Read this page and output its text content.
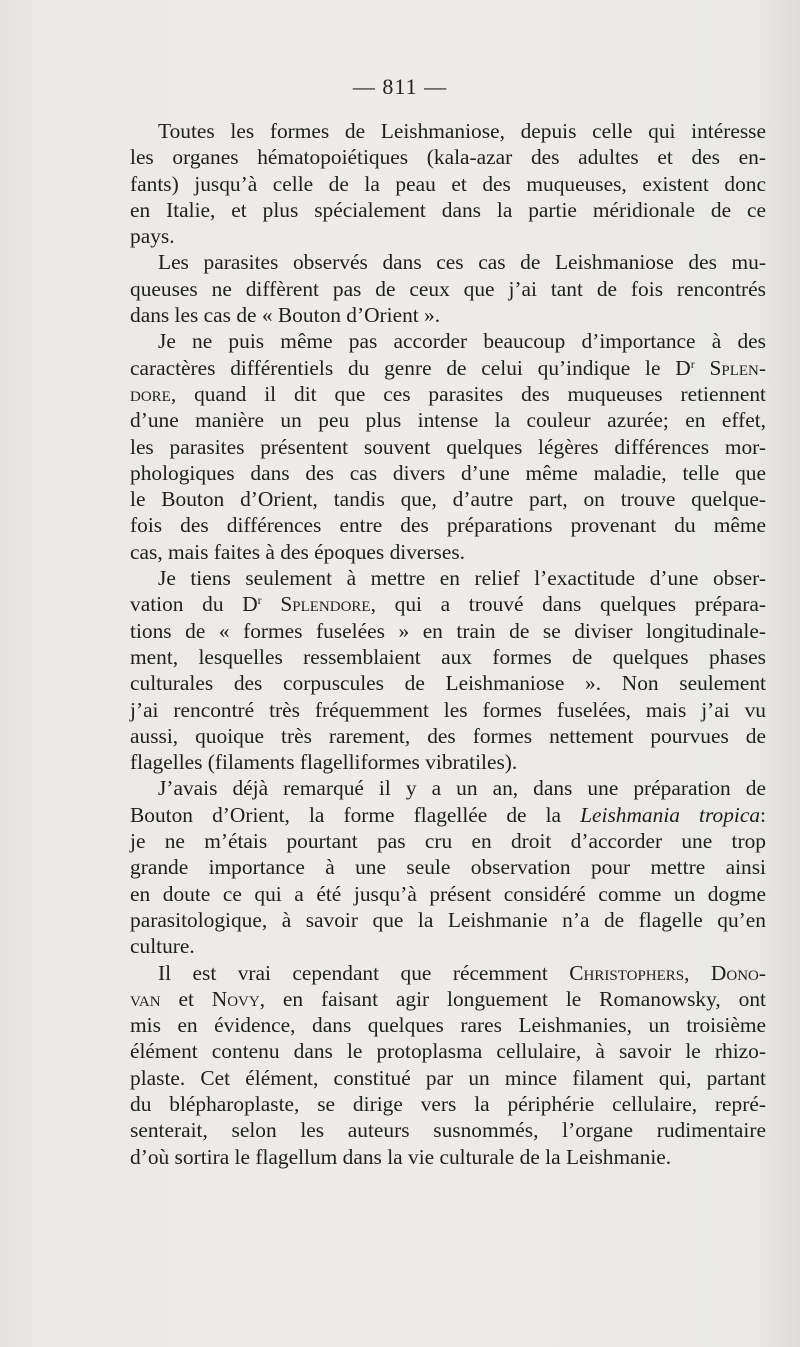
— 811 —
Toutes les formes de Leishmaniose, depuis celle qui intéresse
les organes hématopoiétiques (kala-azar des adultes et des en-
fants) jusqu’à celle de la peau et des muqueuses, existent donc
en Italie, et plus spécialement dans la partie méridionale de ce
pays.
Les parasites observés dans ces cas de Leishmaniose des mu-
queuses ne diffèrent pas de ceux que j’ai tant de fois rencontrés
dans les cas de « Bouton d’Orient ».
Je ne puis même pas accorder beaucoup d’importance à des
caractères différentiels du genre de celui qu’indique le $D^r$ Splen-
dore, quand il dit que ces parasites des muqueuses retiennent
d’une manière un peu plus intense la couleur azurée; en effet,
les parasites présentent souvent quelques légères différences mor-
phologiques dans des cas divers d’une même maladie, telle que
le Bouton d’Orient, tandis que, d’autre part, on trouve quelque-
fois des différences entre des préparations provenant du même
cas, mais faites à des époques diverses.
Je tiens seulement à mettre en relief l’exactitude d’une obser-
vation du $D^r$ Splendore, qui a trouvé dans quelques prépara-
tions de « formes fuselées » en train de se diviser longitudinale-
ment, lesquelles ressemblaient aux formes de quelques phases
culturales des corpuscules de Leishmaniose ». Non seulement
j’ai rencontré très fréquemment les formes fuselées, mais j’ai vu
aussi, quoique très rarement, des formes nettement pourvues de
flagelles (filaments flagelliformes vibratiles).
J’avais déjà remarqué il y a un an, dans une préparation de
Bouton d’Orient, la forme flagellée de la Leishmania tropica:
je ne m’étais pourtant pas cru en droit d’accorder une trop
grande importance à une seule observation pour mettre ainsi
en doute ce qui a été jusqu’à présent considéré comme un dogme
parasitologique, à savoir que la Leishmanie n’a de flagelle qu’en
culture.
Il est vrai cependant que récemment Christophers, Dono-
van et Novy, en faisant agir longuement le Romanowsky, ont
mis en évidence, dans quelques rares Leishmanies, un troisième
élément contenu dans le protoplasma cellulaire, à savoir le rhizo-
plaste. Cet élément, constitué par un mince filament qui, partant
du blépharoplaste, se dirige vers la périphérie cellulaire, repré-
senterait, selon les auteurs susnommés, l’organe rudimentaire
d’où sortira le flagellum dans la vie culturale de la Leishmanie.
